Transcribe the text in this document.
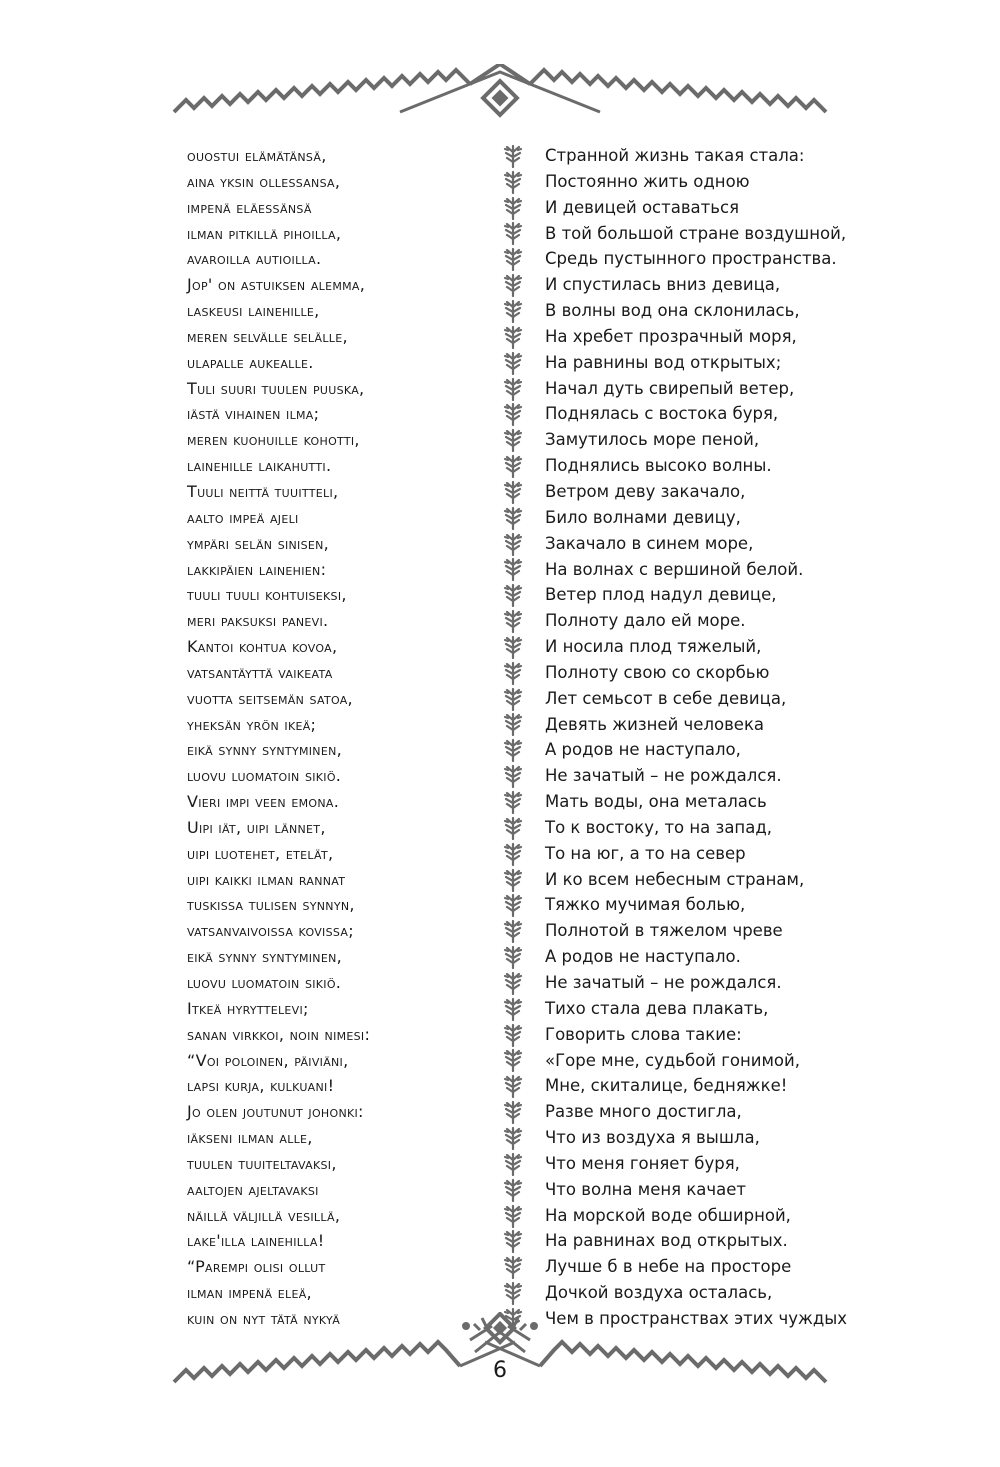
ouostui elämätänsä,
aina yksin ollessansa,
impenä eläessänsä
ilman pitkillä pihoilla,
avaroilla autioilla.
Jop' on astuiksen alemma,
laskeusi lainehille,
meren selvälle selälle,
ulapalle aukealle.
Tuli suuri tuulen puuska,
iästä vihainen ilma;
meren kuohuille kohotti,
lainehille laikahutti.
Tuuli neittä tuuitteli,
aalto impeä ajeli
ympäri selän sinisen,
lakkipäien lainehien:
tuuli tuuli kohtuiseksi,
meri paksuksi panevi.
Kantoi kohtua kovoa,
vatsantäyttä vaikeata
vuotta seitsemän satoa,
yheksän yrön ikeä;
eikä synny syntyminen,
luovu luomatoin sikiö.
Vieri impi veen emona.
Uipi iät, uipi lännet,
uipi luotehet, etelät,
uipi kaikki ilman rannat
tuskissa tulisen synnyn,
vatsanvaivoissa kovissa;
eikä synny syntyminen,
luovu luomatoin sikiö.
Itkeä hyryttelevi;
sanan virkkoi, noin nimesi:
“Voi poloinen, päiviäni,
lapsi kurja, kulkuani!
Jo olen joutunut johonki:
iäkseni ilman alle,
tuulen tuuiteltavaksi,
aaltojen ajeltavaksi
näillä väljillä vesillä,
lake'illa lainehilla!
“Parempi olisi ollut
ilman impenä eleä,
kuin on nyt tätä nykyä
Странной жизнь такая стала:
Постоянно жить одною
И девицей оставаться
В той большой стране воздушной,
Средь пустынного пространства.
И спустилась вниз девица,
В волны вод она склонилась,
На хребет прозрачный моря,
На равнины вод открытых;
Начал дуть свирепый ветер,
Поднялась с востока буря,
Замутилось море пеной,
Поднялись высоко волны.
Ветром деву закачало,
Било волнами девицу,
Закачало в синем море,
На волнах с вершиной белой.
Ветер плод надул девице,
Полноту дало ей море.
И носила плод тяжелый,
Полноту свою со скорбью
Лет семьсот в себе девица,
Девять жизней человека
А родов не наступало,
Не зачатый – не рождался.
Мать воды, она металась
То к востоку, то на запад,
То на юг, а то на север
И ко всем небесным странам,
Тяжко мучимая болью,
Полнотой в тяжелом чреве
А родов не наступало.
Не зачатый – не рождался.
Тихо стала дева плакать,
Говорить слова такие:
«Горе мне, судьбой гонимой,
Мне, скиталице, бедняжке!
Разве много достигла,
Что из воздуха я вышла,
Что меня гоняет буря,
Что волна меня качает
На морской воде обширной,
На равнинах вод открытых.
Лучше б в небе на просторе
Дочкой воздуха осталась,
Чем в пространствах этих чуждых
6
